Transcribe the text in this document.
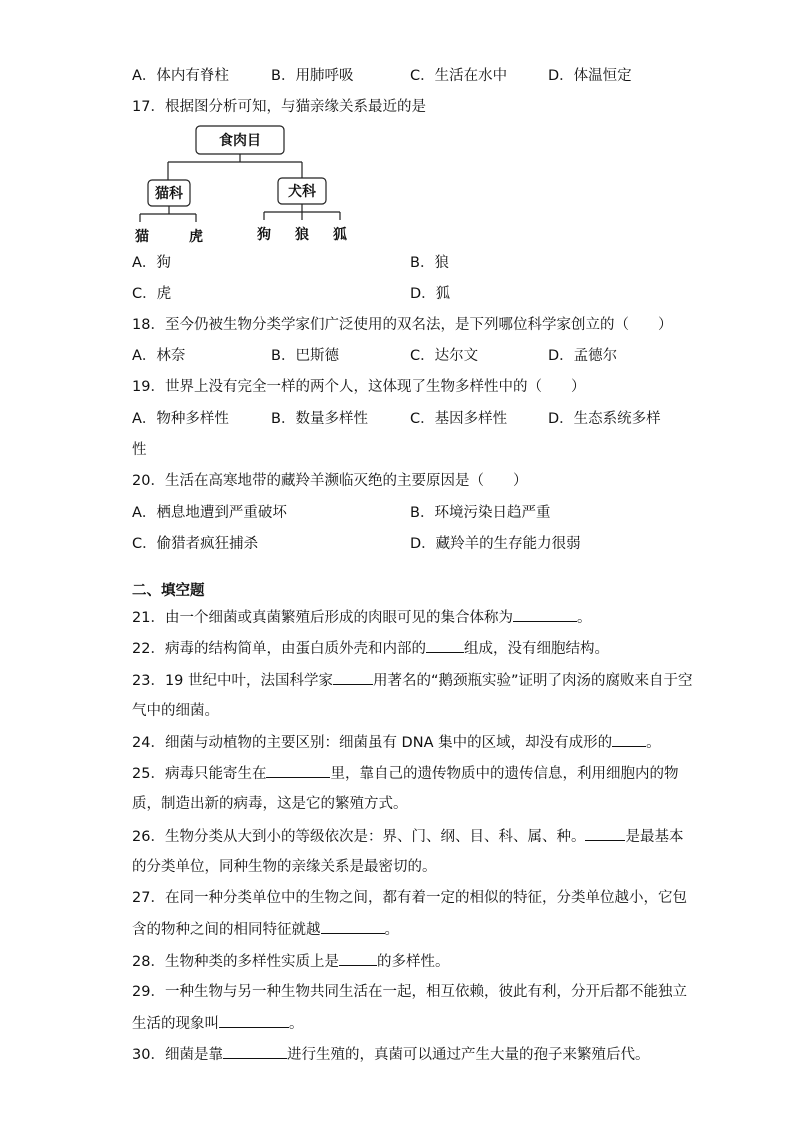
A．体内有脊柱	B．用肺呼吸	C．生活在水中	D．体温恒定
17．根据图分析可知，与猫亲缘关系最近的是
食肉目
猫科	犬科
猫	虎	狗 狼 狐
A．狗	B．狼
C．虎	D．狐
18．至今仍被生物分类学家们广泛使用的双名法，是下列哪位科学家创立的（　　）
A．林奈	B．巴斯德	C．达尔文	D．孟德尔
19．世界上没有完全一样的两个人，这体现了生物多样性中的（　　）
A．物种多样性	B．数量多样性	C．基因多样性	D．生态系统多样
性
20．生活在高寒地带的藏羚羊濒临灭绝的主要原因是（　　）
A．栖息地遭到严重破坏	B．环境污染日趋严重
C．偷猎者疯狂捕杀	D．藏羚羊的生存能力很弱
二、填空题
21．由一个细菌或真菌繁殖后形成的肉眼可见的集合体称为	。
22．病毒的结构简单，由蛋白质外壳和内部的	组成，没有细胞结构。
23．19 世纪中叶，法国科学家	用著名的“鹅颈瓶实验”证明了肉汤的腐败来自于空
气中的细菌。
24．细菌与动植物的主要区别：细菌虽有 DNA 集中的区域，却没有成形的 。
25．病毒只能寄生在	里，靠自己的遗传物质中的遗传信息，利用细胞内的物
质，制造出新的病毒，这是它的繁殖方式。
26．生物分类从大到小的等级依次是：界、门、纲、目、科、属、种。	是最基本
的分类单位，同种生物的亲缘关系是最密切的。
27．在同一种分类单位中的生物之间，都有着一定的相似的特征，分类单位越小，它包
含的物种之间的相同特征就越	。
28．生物种类的多样性实质上是	的多样性。
29．一种生物与另一种生物共同生活在一起，相互依赖，彼此有利，分开后都不能独立
生活的现象叫	。
30．细菌是靠	进行生殖的，真菌可以通过产生大量的孢子来繁殖后代。
